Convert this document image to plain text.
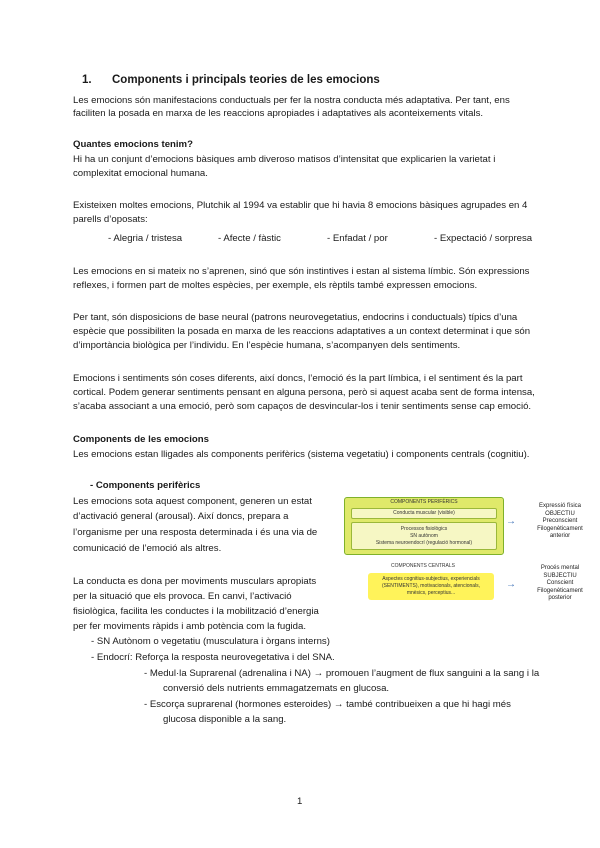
1. Components i principals teories de les emocions

Les emocions són manifestacions conductuals per fer la nostra conducta més adaptativa. Per tant, ens

faciliten la posada en marxa de les reaccions apropiades i adaptatives als aconteixements vitals.

Quantes emocions tenim?

Hi ha un conjunt d’emocions bàsiques amb diveroso matisos d’intensitat que explicarien la varietat i

complexitat emocional humana.

Existeixen moltes emocions, Plutchik al 1994 va establir que hi havia 8 emocions bàsiques agrupades en 4

parells d’oposats:

- Alegria / tristesa	- Afecte / fàstic	- Enfadat / por	- Expectació / sorpresa

Les emocions en si mateix no s’aprenen, sinó que són instintives i estan al sistema límbic. Són expressions

reflexes, i formen part de moltes espècies, per exemple, els rèptils també expressen emocions.

Per tant, són disposicions de base neural (patrons neurovegetatius, endocrins i conductuals) típics d’una

espècie que possibiliten la posada en marxa de les reaccions adaptatives a un context determinat i que són

d’importància biològica per l’individu. En l’espècie humana, s’acompanyen dels sentiments.

Emocions i sentiments són coses diferents, així doncs, l’emoció és la part límbica, i el sentiment és la part

cortical. Podem generar sentiments pensant en alguna persona, però si aquest acaba sent de forma intensa,

s’acaba associant a una emoció, però som capaços de desvincular-los i tenir sentiments sense cap emoció.

Components de les emocions

Les emocions estan lligades als components perifèrics (sistema vegetatiu) i components centrals (cognitiu).

- Components perifèrics

Les emocions sota aquest component, generen un estat

d’activació general (arousal). Així doncs, prepara a

l’organisme per una resposta determinada i és una via de

comunicació de l’emoció als altres.

La conducta es dona per moviments musculars apropiats

per la situació que els provoca. En canvi, l’activació

fisiològica, facilita les conductes i la mobilització d’energia

per fer moviments ràpids i amb potència com la fugida.

- SN Autònom o vegetatiu (musculatura i òrgans interns)

- Endocrí: Reforça la resposta neurovegetativa i del SNA.

- Medul·la Suprarenal (adrenalina i NA) → promouen l’augment de flux sanguini a la sang i la

conversió dels nutrients emmagatzemats en glucosa.

- Escorça suprarenal (hormones esteroides) → també contribueixen a que hi hagi més

glucosa disponible a la sang.

COMPONENTS PERIFÈRICS
Conducta muscular (visible)
Processos fisiològics
SN autònom
Sistema neuroendocrí (regulació hormonal)
→
Expressió física
OBJECTIU
Preconscient
Filogenèticament
anterior
COMPONENTS CENTRALS
Aspectes cognitius-subjectius, experiencials
(SENTIMENTS), motivacionals, atencionals,
mnèsics, perceptius...
→
Procés mental
SUBJECTIU
Conscient
Filogenèticament
posterior
1
